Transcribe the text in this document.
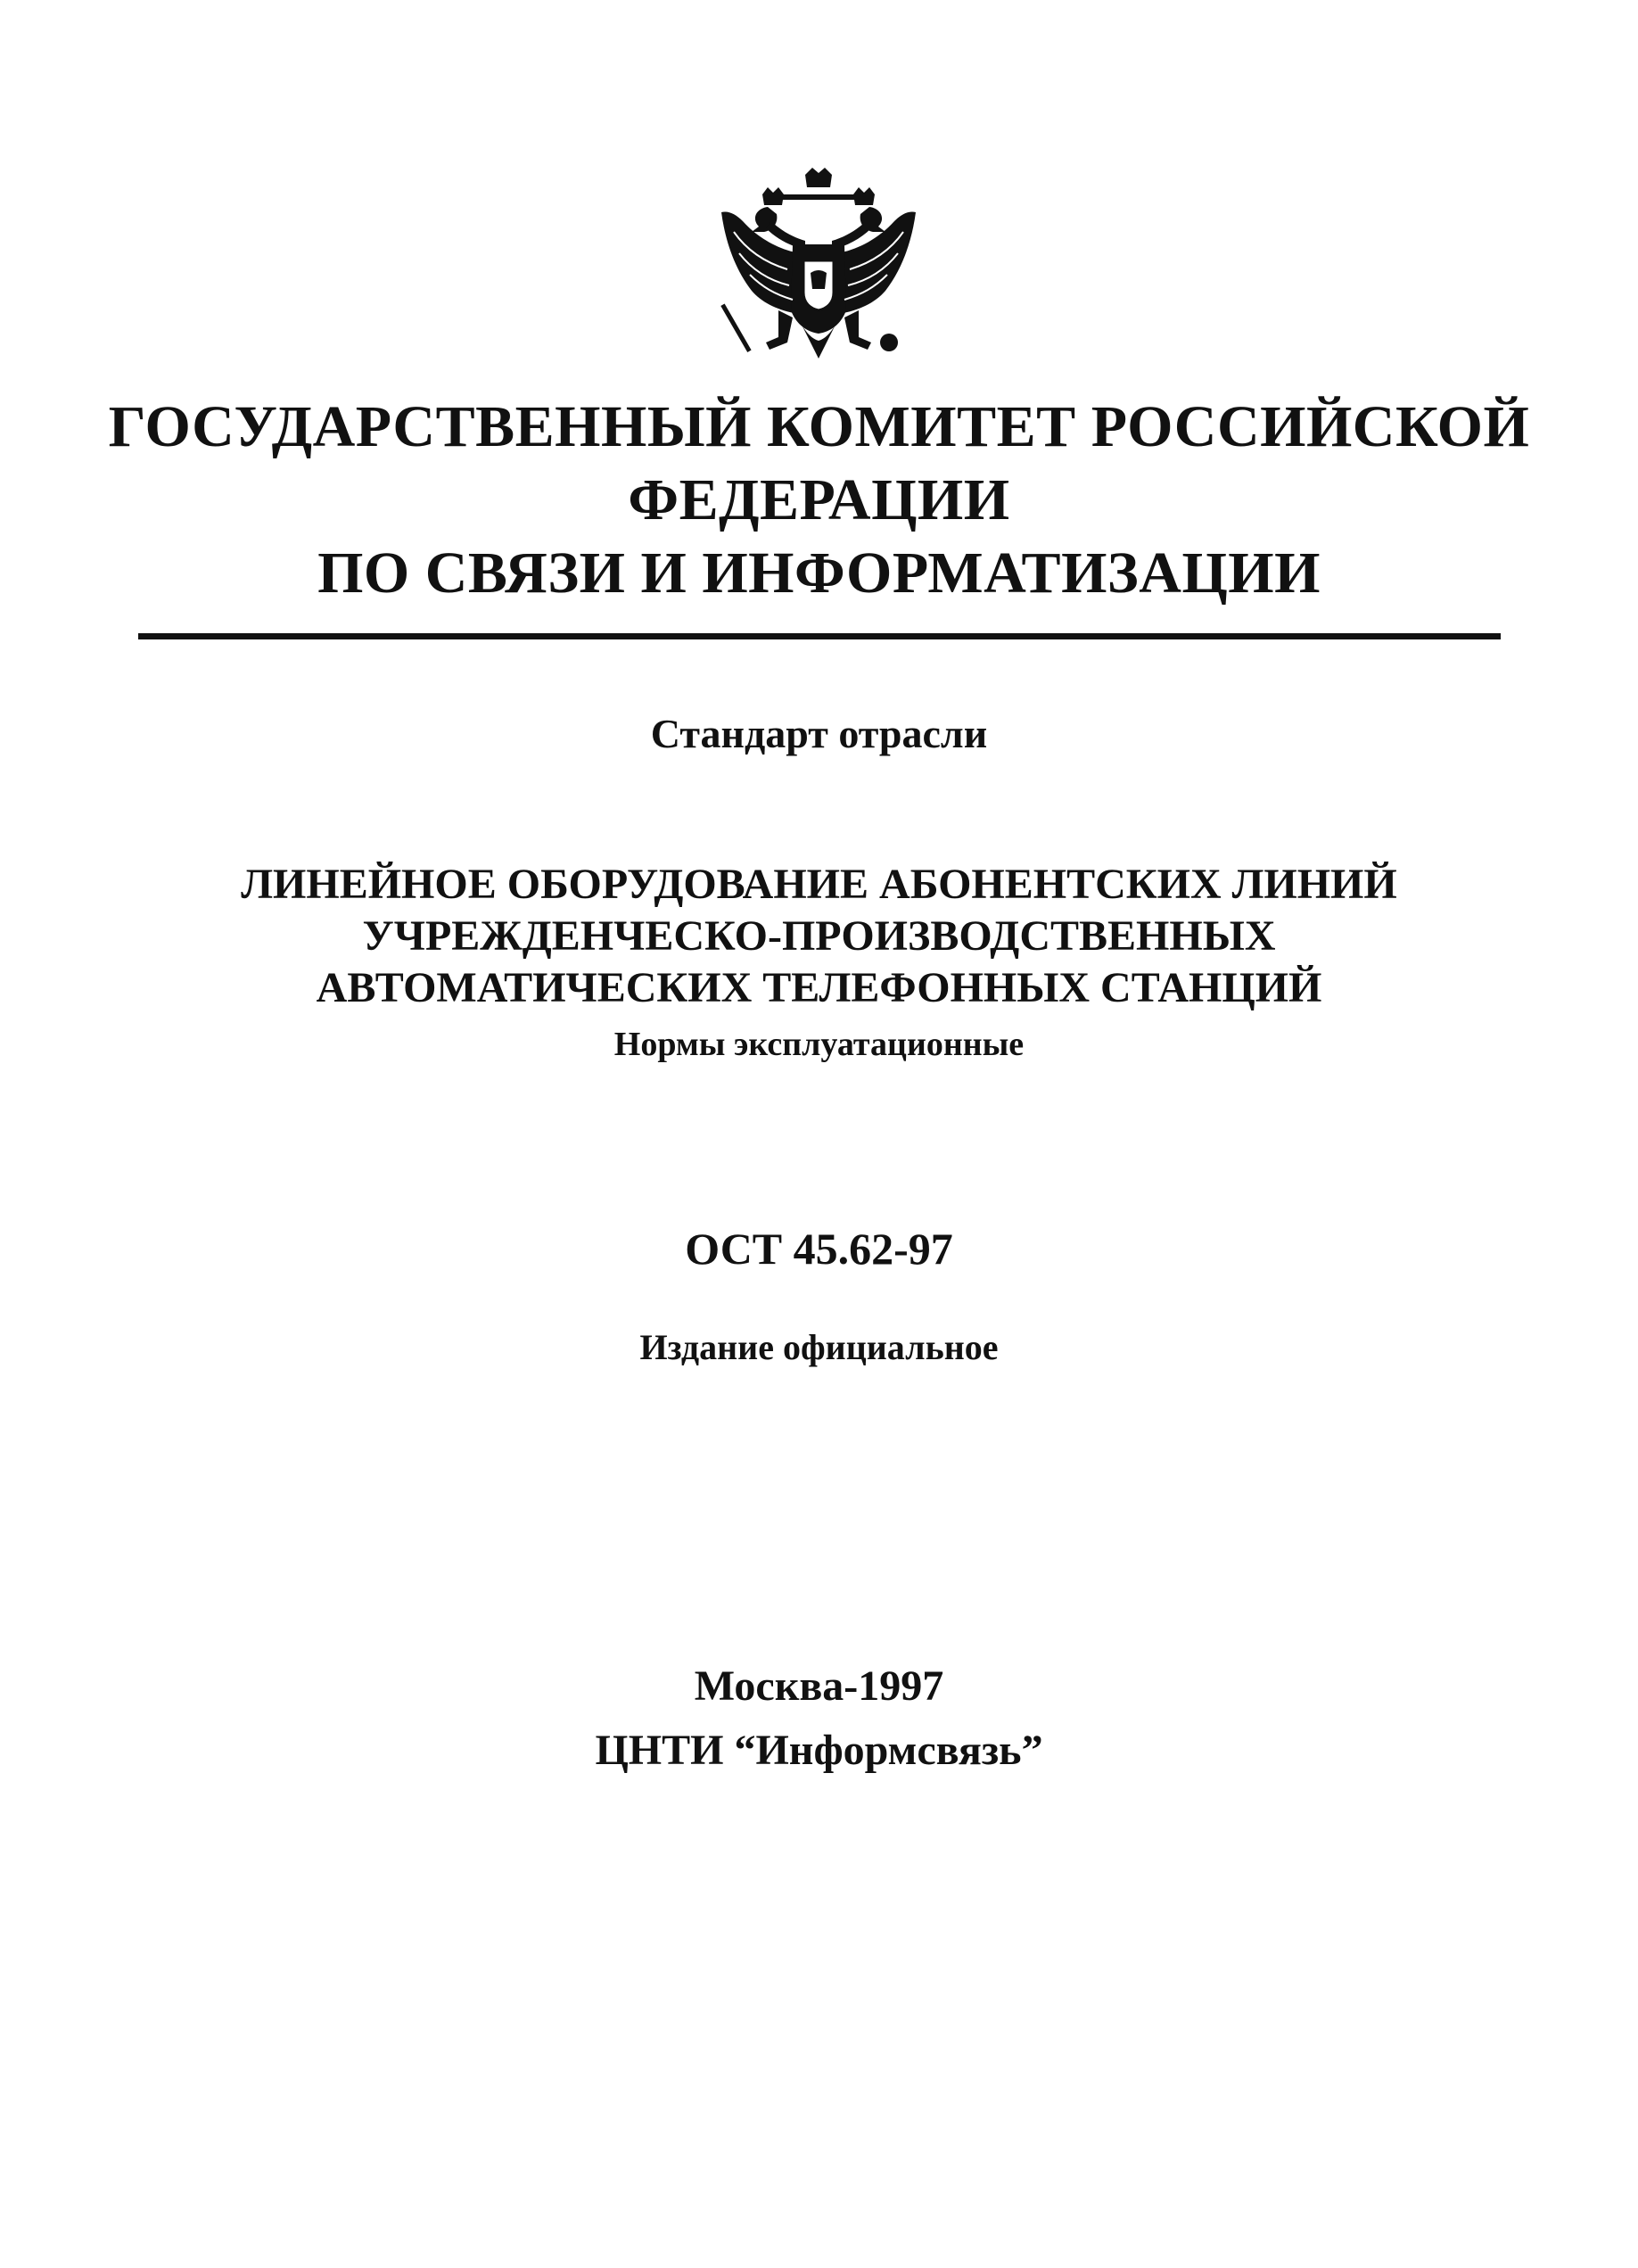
ГОСУДАРСТВЕННЫЙ КОМИТЕТ РОССИЙСКОЙ
ФЕДЕРАЦИИ
ПО СВЯЗИ И ИНФОРМАТИЗАЦИИ
Стандарт отрасли
ЛИНЕЙНОЕ ОБОРУДОВАНИЕ АБОНЕНТСКИХ ЛИНИЙ
УЧРЕЖДЕНЧЕСКО-ПРОИЗВОДСТВЕННЫХ
АВТОМАТИЧЕСКИХ ТЕЛЕФОННЫХ СТАНЦИЙ
Нормы эксплуатационные
ОСТ 45.62-97
Издание официальное
Москва-1997
ЦНТИ “Информсвязь”
